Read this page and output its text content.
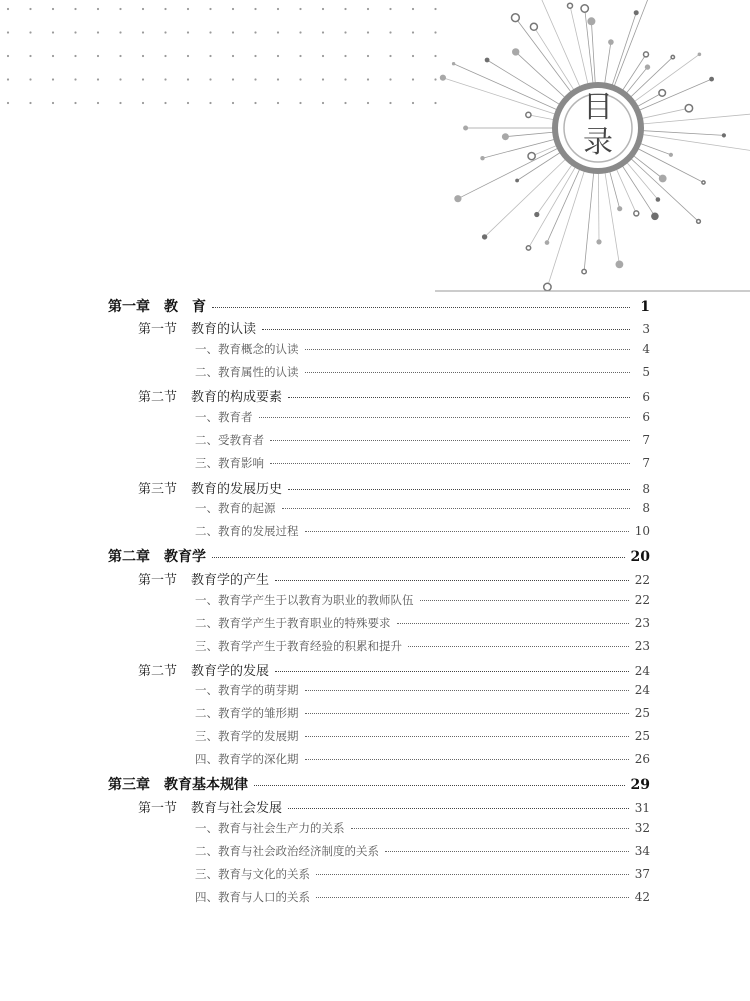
目
录
第一章 教　育	1
第一节 教育的认读	3
一、教育概念的认读	4
二、教育属性的认读	5
第二节 教育的构成要素	6
一、教育者	6
二、受教育者	7
三、教育影响	7
第三节 教育的发展历史	8
一、教育的起源	8
二、教育的发展过程	10
第二章 教育学	20
第一节 教育学的产生	22
一、教育学产生于以教育为职业的教师队伍	22
二、教育学产生于教育职业的特殊要求	23
三、教育学产生于教育经验的积累和提升	23
第二节 教育学的发展	24
一、教育学的萌芽期	24
二、教育学的雏形期	25
三、教育学的发展期	25
四、教育学的深化期	26
第三章 教育基本规律	29
第一节 教育与社会发展	31
一、教育与社会生产力的关系	32
二、教育与社会政治经济制度的关系	34
三、教育与文化的关系	37
四、教育与人口的关系	42
